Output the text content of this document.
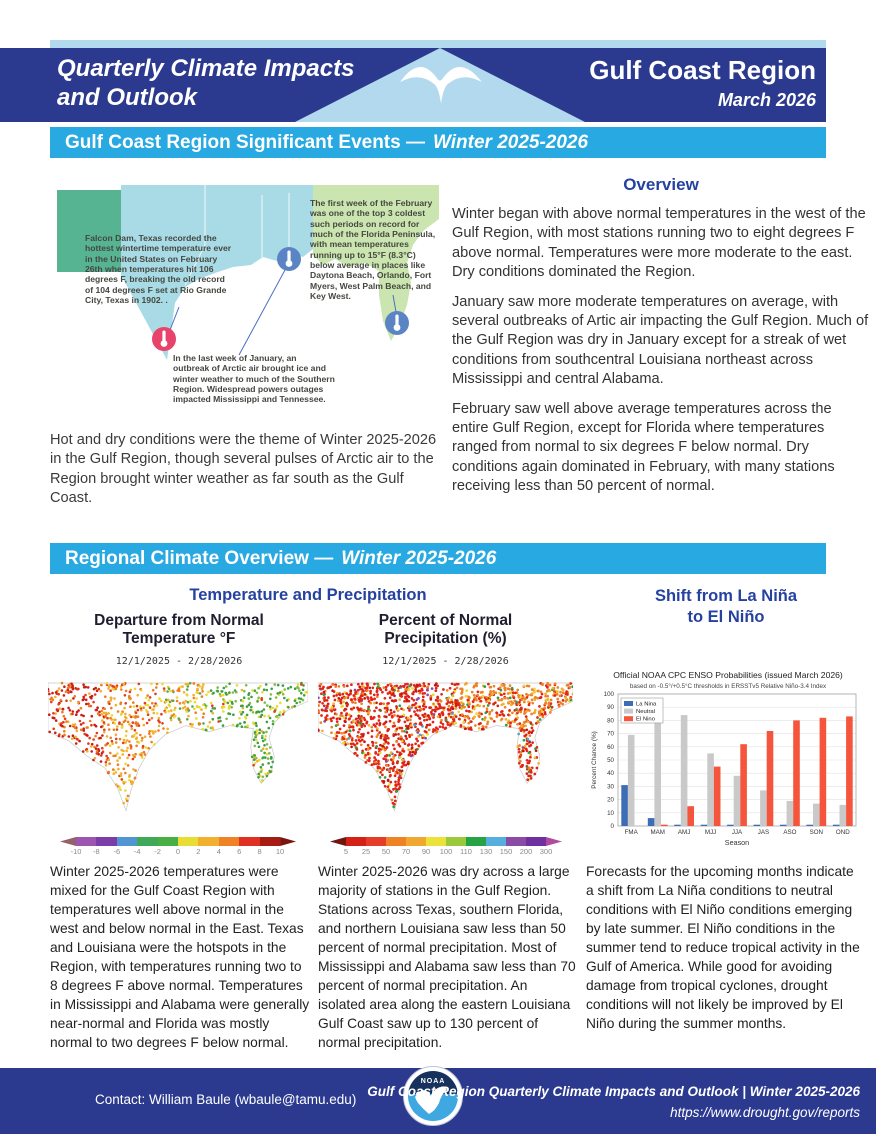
Quarterly Climate Impacts
and Outlook
Gulf Coast Region
March 2026
Gulf Coast Region Significant Events — Winter 2025-2026
Falcon Dam, Texas recorded the hottest wintertime temperature ever in the United States on February 26th when temperatures hit 106 degrees F, breaking the old record of 104 degrees F set at Rio Grande City, Texas in 1902. .
The first week of the February was one of the top 3 coldest such periods on record for much of the Florida Peninsula, with mean temperatures running up to 15°F (8.3°C) below average in places like Daytona Beach, Orlando, Fort Myers, West Palm Beach, and Key West.
In the last week of January, an outbreak of Arctic air brought ice and winter weather to much of the Southern Region. Widespread powers outages impacted Mississippi and Tennessee.
Hot and dry conditions were the theme of Winter 2025-2026 in the Gulf Region, though several pulses of Arctic air to the Region brought winter weather as far south as the Gulf Coast.
Overview

Winter began with above normal temperatures in the west of the Gulf Region, with most stations running two to eight degrees F above normal. Temperatures were more moderate to the east. Dry conditions dominated the Region.

January saw more moderate temperatures on average, with several outbreaks of Artic air impacting the Gulf Region. Much of the Gulf Region was dry in January except for a streak of wet conditions from southcentral Louisiana northeast across Mississippi and central Alabama.

February saw well above average temperatures across the entire Gulf Region, except for Florida where temperatures ranged from normal to six degrees F below normal. Dry conditions again dominated in February, with many stations receiving less than 50 percent of normal.

Regional Climate Overview — Winter 2025-2026
Temperature and Precipitation	Shift from La Niña
to El Niño
Departure from Normal
Temperature °F
Percent of Normal
Precipitation (%)
12/1/2025 - 2/28/2026	12/1/2025 - 2/28/2026
-10 -8 -6 -4 -2 0 2 4 6 8 10	5 25 50 70 90 100 110 130 150 200 300
Official NOAA CPC ENSO Probabilities (issued March 2026)
based on -0.5°/+0.5°C thresholds in ERSSTv5 Relative Niño-3.4 Index
0
10
20
30
40
50
60
70
80
90
100
Percent Chance (%)
FMA MAM AMJ MJJ	JJA	JAS ASO SON OND
Season
La Nina
Neutral
El Nino

Winter 2025-2026 temperatures were mixed for the Gulf Coast Region with temperatures well above normal in the west and below normal in the East. Texas and Louisiana were the hotspots in the Region, with temperatures running two to 8 degrees F above normal. Temperatures in Mississippi and Alabama were generally near-normal and Florida was mostly normal to two degrees F below normal.

Winter 2025-2026 was dry across a large majority of stations in the Gulf Region. Stations across Texas, southern Florida, and northern Louisiana saw less than 50 percent of normal precipitation. Most of Mississippi and Alabama saw less than 70 percent of normal precipitation. An isolated area along the eastern Louisiana Gulf Coast saw up to 130 percent of normal precipitation.

Forecasts for the upcoming months indicate a shift from La Niña conditions to neutral conditions with El Niño conditions emerging by late summer. El Niño conditions in the summer tend to reduce tropical activity in the Gulf of America. While good for avoiding damage from tropical cyclones, drought conditions will not likely be improved by El Niño during the summer months.

Contact: William Baule (wbaule@tamu.edu)
NOAA
Gulf Coast Region Quarterly Climate Impacts and Outlook | Winter 2025-2026
https://www.drought.gov/reports
